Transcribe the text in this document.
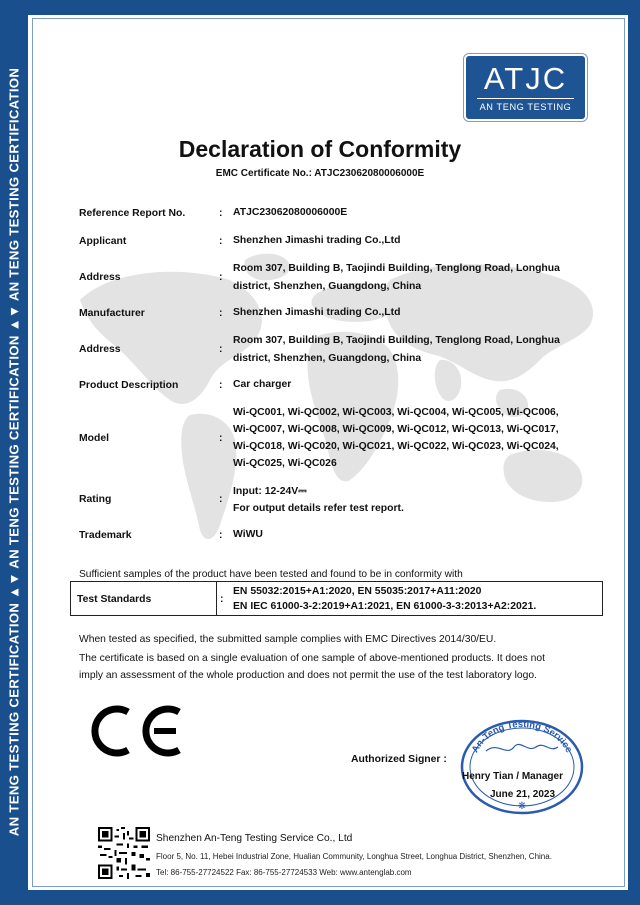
AN TENG TESTING CERTIFICATION ▲▼ AN TENG TESTING CERTIFICATION ▲▼ AN TENG TESTING CERTIFICATION	ATJC
AN TENG TESTING
Declaration of Conformity
EMC Certificate No.: ATJC23062080006000E
Reference Report No.	: ATJC23062080006000E
Applicant	: Shenzhen Jimashi trading Co.,Ltd
Address	:
Room 307, Building B, Taojindi Building, Tenglong Road, Longhua
district, Shenzhen, Guangdong, China
Manufacturer	: Shenzhen Jimashi trading Co.,Ltd
Address	:
Room 307, Building B, Taojindi Building, Tenglong Road, Longhua
district, Shenzhen, Guangdong, China
Product Description	: Car charger
Model	:
Wi-QC001, Wi-QC002, Wi-QC003, Wi-QC004, Wi-QC005, Wi-QC006,
Wi-QC007, Wi-QC008, Wi-QC009, Wi-QC012, Wi-QC013, Wi-QC017,
Wi-QC018, Wi-QC020, Wi-QC021, Wi-QC022, Wi-QC023, Wi-QC024,
Wi-QC025, Wi-QC026
Rating	:
Input: 12-24V⎓
For output details refer test report.
Trademark	: WiWU
Sufficient samples of the product have been tested and found to be in conformity with
Test Standards	:
EN 55032:2015+A1:2020, EN 55035:2017+A11:2020
EN IEC 61000-3-2:2019+A1:2021, EN 61000-3-3:2013+A2:2021.
When tested as specified, the submitted sample complies with EMC Directives 2014/30/EU.
The certificate is based on a single evaluation of one sample of above-mentioned products. It does not
imply an assessment of the whole production and does not permit the use of the test laboratory logo.
Authorized Signer :
An-Teng Testing Service
❋
Henry Tian / Manager
June 21, 2023
Shenzhen An-Teng Testing Service Co., Ltd
Floor 5, No. 11, Hebei Industrial Zone, Hualian Community, Longhua Street, Longhua District, Shenzhen, China.
Tel: 86-755-27724522 Fax: 86-755-27724533 Web: www.antenglab.com
